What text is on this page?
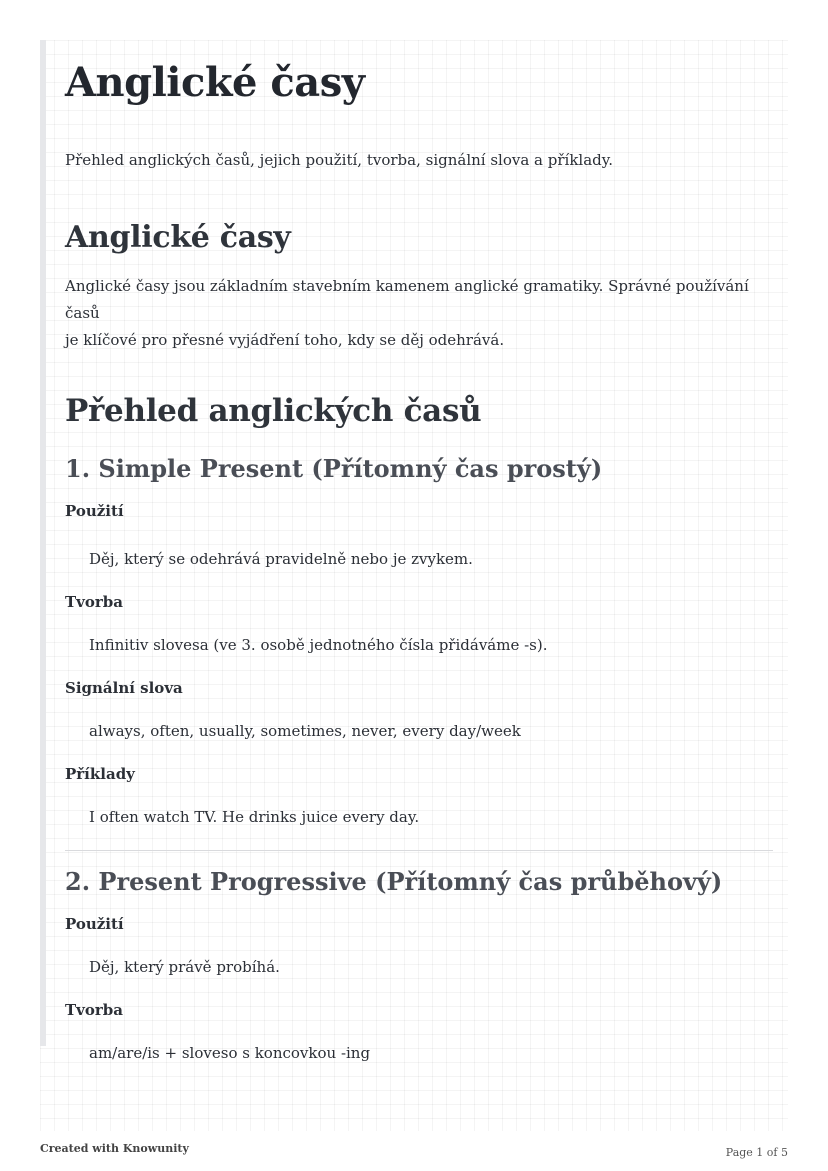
Anglické časy

Přehled anglických časů, jejich použití, tvorba, signální slova a příklady.

Anglické časy

Anglické časy jsou základním stavebním kamenem anglické gramatiky. Správné používání časů
je klíčové pro přesné vyjádření toho, kdy se děj odehrává.

Přehled anglických časů
1. Simple Present (Přítomný čas prostý)
Použití
Děj, který se odehrává pravidelně nebo je zvykem.
Tvorba
Infinitiv slovesa (ve 3. osobě jednotného čísla přidáváme -s).
Signální slova
always, often, usually, sometimes, never, every day/week
Příklady
I often watch TV. He drinks juice every day.
2. Present Progressive (Přítomný čas průběhový)
Použití
Děj, který právě probíhá.
Tvorba
am/are/is + sloveso s koncovkou -ing
Created with Knowunity	Page 1 of 5
